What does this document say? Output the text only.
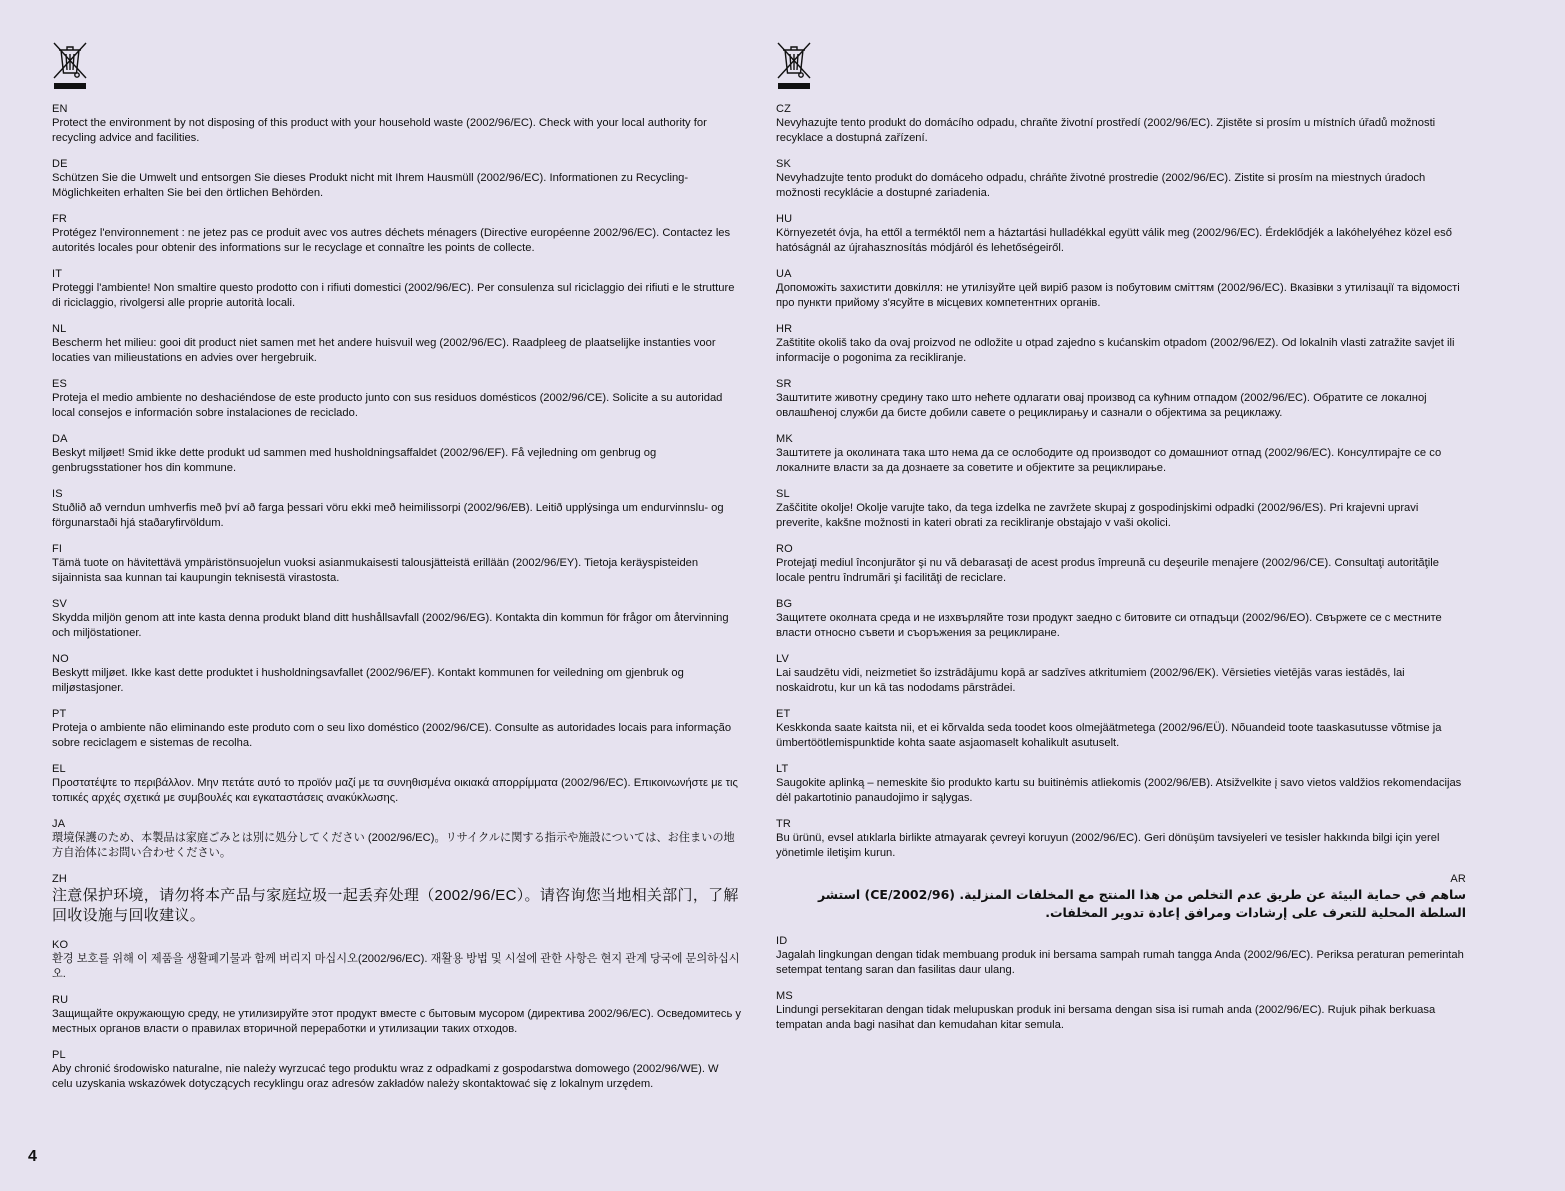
EN

Protect the environment by not disposing of this product with your household waste (2002/96/EC). Check with your local authority for recycling advice and facilities.

DE

Schützen Sie die Umwelt und entsorgen Sie dieses Produkt nicht mit Ihrem Hausmüll (2002/96/EC). Informationen zu Recycling-Möglichkeiten erhalten Sie bei den örtlichen Behörden.

FR

Protégez l'environnement : ne jetez pas ce produit avec vos autres déchets ménagers (Directive européenne 2002/96/EC). Contactez les autorités locales pour obtenir des informations sur le recyclage et connaître les points de collecte.

IT

Proteggi l'ambiente! Non smaltire questo prodotto con i rifiuti domestici (2002/96/EC). Per consulenza sul riciclaggio dei rifiuti e le strutture di riciclaggio, rivolgersi alle proprie autorità locali.

NL

Bescherm het milieu: gooi dit product niet samen met het andere huisvuil weg (2002/96/EC). Raadpleeg de plaatselijke instanties voor locaties van milieustations en advies over hergebruik.

ES

Proteja el medio ambiente no deshaciéndose de este producto junto con sus residuos domésticos (2002/96/CE). Solicite a su autoridad local consejos e información sobre instalaciones de reciclado.

DA

Beskyt miljøet! Smid ikke dette produkt ud sammen med husholdningsaffaldet (2002/96/EF). Få vejledning om genbrug og genbrugsstationer hos din kommune.

IS

Stuðlið að verndun umhverfis með því að farga þessari vöru ekki með heimilissorpi (2002/96/EB). Leitið upplýsinga um endurvinnslu- og förgunarstaði hjá staðaryfirvöldum.

FI

Tämä tuote on hävitettävä ympäristönsuojelun vuoksi asianmukaisesti talousjätteistä erillään (2002/96/EY). Tietoja keräyspisteiden sijainnista saa kunnan tai kaupungin teknisestä virastosta.

SV

Skydda miljön genom att inte kasta denna produkt bland ditt hushållsavfall (2002/96/EG). Kontakta din kommun för frågor om återvinning och miljöstationer.

NO

Beskytt miljøet. Ikke kast dette produktet i husholdningsavfallet (2002/96/EF). Kontakt kommunen for veiledning om gjenbruk og miljøstasjoner.

PT

Proteja o ambiente não eliminando este produto com o seu lixo doméstico (2002/96/CE). Consulte as autoridades locais para informação sobre reciclagem e sistemas de recolha.

EL

Προστατέψτε το περιβάλλον. Μην πετάτε αυτό το προϊόν μαζί με τα συνηθισμένα οικιακά απορρίμματα (2002/96/EC). Επικοινωνήστε με τις τοπικές αρχές σχετικά με συμβουλές και εγκαταστάσεις ανακύκλωσης.

JA

環境保護のため、本製品は家庭ごみとは別に処分してください (2002/96/EC)。リサイクルに関する指示や施設については、お住まいの地方自治体にお問い合わせください。

ZH

注意保护环境，请勿将本产品与家庭垃圾一起丢弃处理（2002/96/EC）。请咨询您当地相关部门，了解回收设施与回收建议。

KO

환경 보호를 위해 이 제품을 생활폐기물과 함께 버리지 마십시오(2002/96/EC). 재활용 방법 및 시설에 관한 사항은 현지 관계 당국에 문의하십시오.

RU

Защищайте окружающую среду, не утилизируйте этот продукт вместе с бытовым мусором (директива 2002/96/EC). Осведомитесь у местных органов власти о правилах вторичной переработки и утилизации таких отходов.

PL

Aby chronić środowisko naturalne, nie należy wyrzucać tego produktu wraz z odpadkami z gospodarstwa domowego (2002/96/WE). W celu uzyskania wskazówek dotyczących recyklingu oraz adresów zakładów należy skontaktować się z lokalnym urzędem.

CZ

Nevyhazujte tento produkt do domácího odpadu, chraňte životní prostředí (2002/96/EC). Zjistěte si prosím u místních úřadů možnosti recyklace a dostupná zařízení.

SK

Nevyhadzujte tento produkt do domáceho odpadu, chráňte životné prostredie (2002/96/EC). Zistite si prosím na miestnych úradoch možnosti recyklácie a dostupné zariadenia.

HU

Környezetét óvja, ha ettől a terméktől nem a háztartási hulladékkal együtt válik meg (2002/96/EC). Érdeklődjék a lakóhelyéhez közel eső hatóságnál az újrahasznosítás módjáról és lehetőségeiről.

UA

Допоможіть захистити довкілля: не утилізуйте цей виріб разом із побутовим сміттям (2002/96/EC). Вказівки з утилізації та відомості про пункти прийому з'ясуйте в місцевих компетентних органів.

HR

Zaštitite okoliš tako da ovaj proizvod ne odložite u otpad zajedno s kućanskim otpadom (2002/96/EZ). Od lokalnih vlasti zatražite savjet ili informacije o pogonima za recikliranje.

SR

Заштитите животну средину тако што нећете одлагати овај производ са кућним отпадом (2002/96/EC). Обратите се локалној овлашћеној служби да бисте добили савете о рециклирању и сазнали о објектима за рециклажу.

MK

Заштитете ја околината така што нема да се ослободите од производот со домашниот отпад (2002/96/EC). Консултирајте се со локалните власти за да дознаете за советите и објектите за рециклирање.

SL

Zaščitite okolje! Okolje varujte tako, da tega izdelka ne zavržete skupaj z gospodinjskimi odpadki (2002/96/ES). Pri krajevni upravi preverite, kakšne možnosti in kateri obrati za recikliranje obstajajo v vaši okolici.

RO

Protejaţi mediul înconjurător şi nu vă debarasaţi de acest produs împreună cu deşeurile menajere (2002/96/CE). Consultaţi autorităţile locale pentru îndrumări şi facilităţi de reciclare.

BG

Защитете околната среда и не изхвърляйте този продукт заедно с битовите си отпадъци (2002/96/ЕО). Свържете се с местните власти относно съвети и съоръжения за рециклиране.

LV

Lai saudzētu vidi, neizmetiet šo izstrādājumu kopā ar sadzīves atkritumiem (2002/96/EK). Vērsieties vietējās varas iestādēs, lai noskaidrotu, kur un kā tas nododams pārstrādei.

ET

Keskkonda saate kaitsta nii, et ei kõrvalda seda toodet koos olmejäätmetega (2002/96/EÜ). Nõuandeid toote taaskasutusse võtmise ja ümbertöötlemispunktide kohta saate asjaomaselt kohalikult asutuselt.

LT

Saugokite aplinką – nemeskite šio produkto kartu su buitinėmis atliekomis (2002/96/EB). Atsižvelkite į savo vietos valdžios rekomendacijas dėl pakartotinio panaudojimo ir sąlygas.

TR

Bu ürünü, evsel atıklarla birlikte atmayarak çevreyi koruyun (2002/96/EC). Geri dönüşüm tavsiyeleri ve tesisler hakkında bilgi için yerel yönetimle iletişim kurun.

AR

ساهم في حماية البيئة عن طريق عدم التخلص من هذا المنتج مع المخلفات المنزلية. (CE/2002/96) استشر السلطة المحلية للتعرف على إرشادات ومرافق إعادة تدوير المخلفات.

ID

Jagalah lingkungan dengan tidak membuang produk ini bersama sampah rumah tangga Anda (2002/96/EC). Periksa peraturan pemerintah setempat tentang saran dan fasilitas daur ulang.

MS

Lindungi persekitaran dengan tidak melupuskan produk ini bersama dengan sisa isi rumah anda (2002/96/EC). Rujuk pihak berkuasa tempatan anda bagi nasihat dan kemudahan kitar semula.

4
